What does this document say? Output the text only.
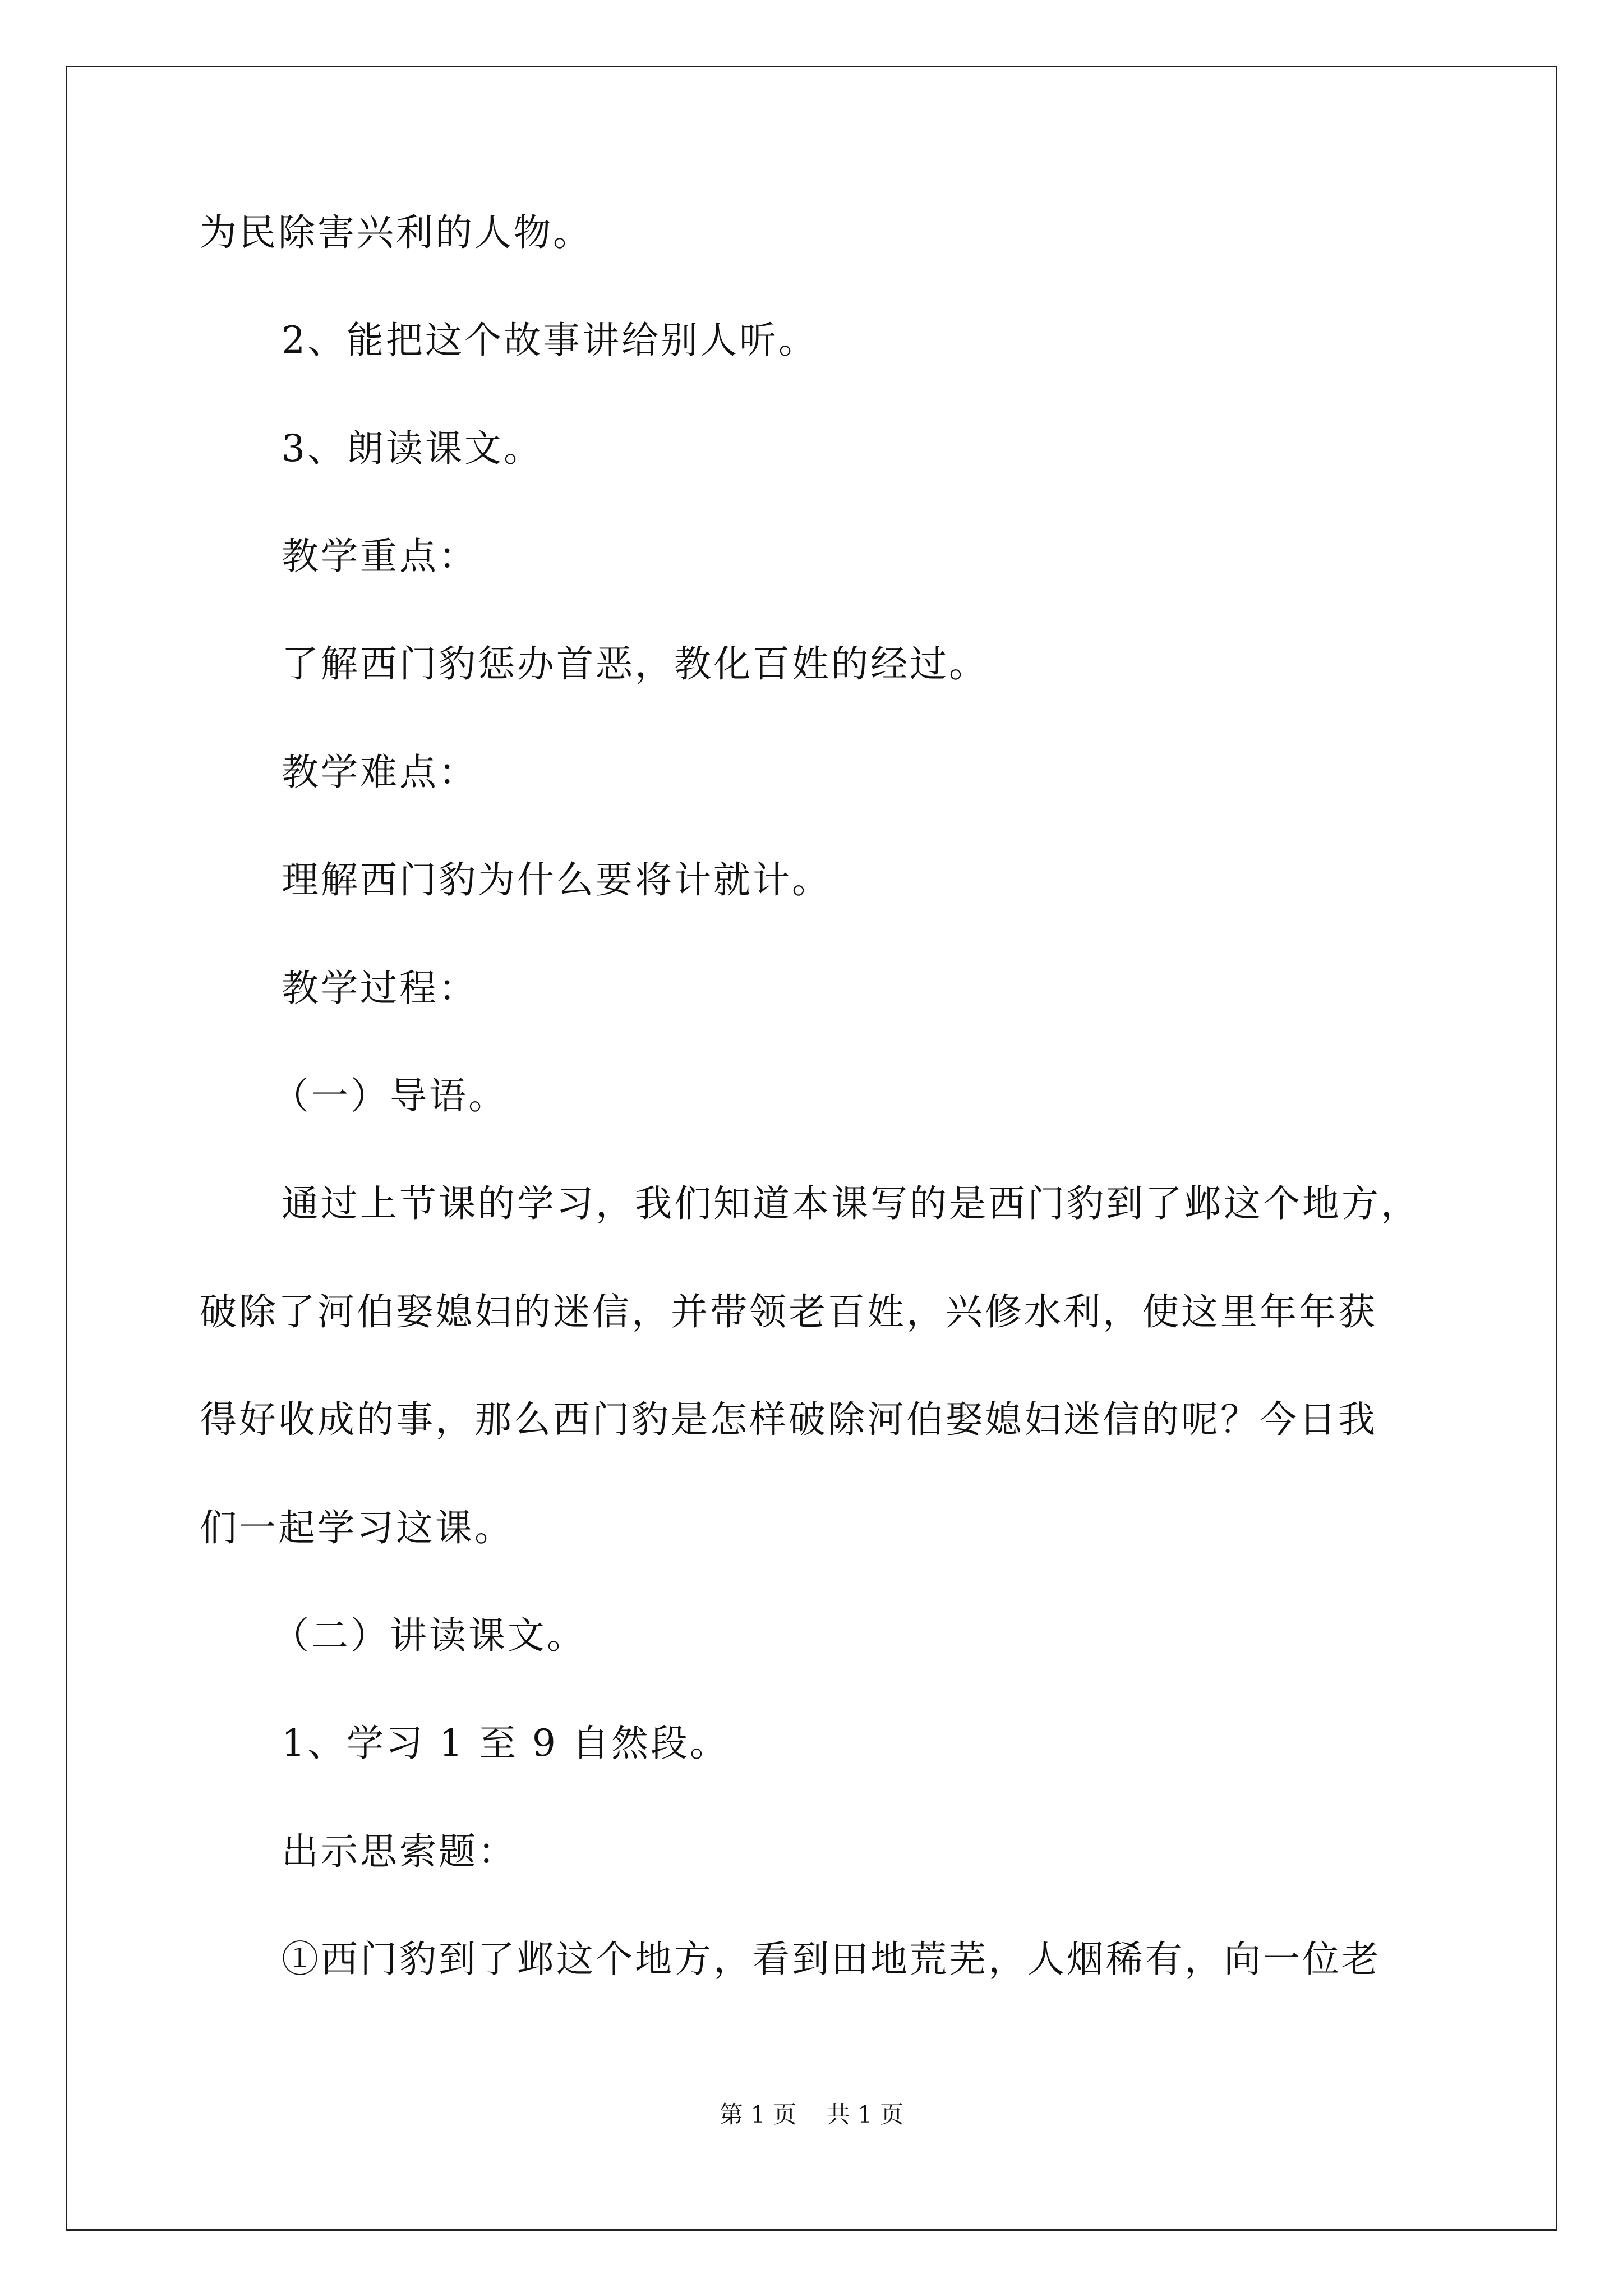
为民除害兴利的人物。
2、能把这个故事讲给别人听。
3、朗读课文。
教学重点：
了解西门豹惩办首恶，教化百姓的经过。
教学难点：
理解西门豹为什么要将计就计。
教学过程：
（一）导语。
通过上节课的学习，我们知道本课写的是西门豹到了邺这个地方，
破除了河伯娶媳妇的迷信，并带领老百姓，兴修水利，使这里年年获
得好收成的事，那么西门豹是怎样破除河伯娶媳妇迷信的呢？今日我
们一起学习这课。
（二）讲读课文。
1、学习 1 至 9 自然段。
出示思索题：
①西门豹到了邺这个地方，看到田地荒芜，人烟稀有，向一位老
第 1 页    共 1 页
